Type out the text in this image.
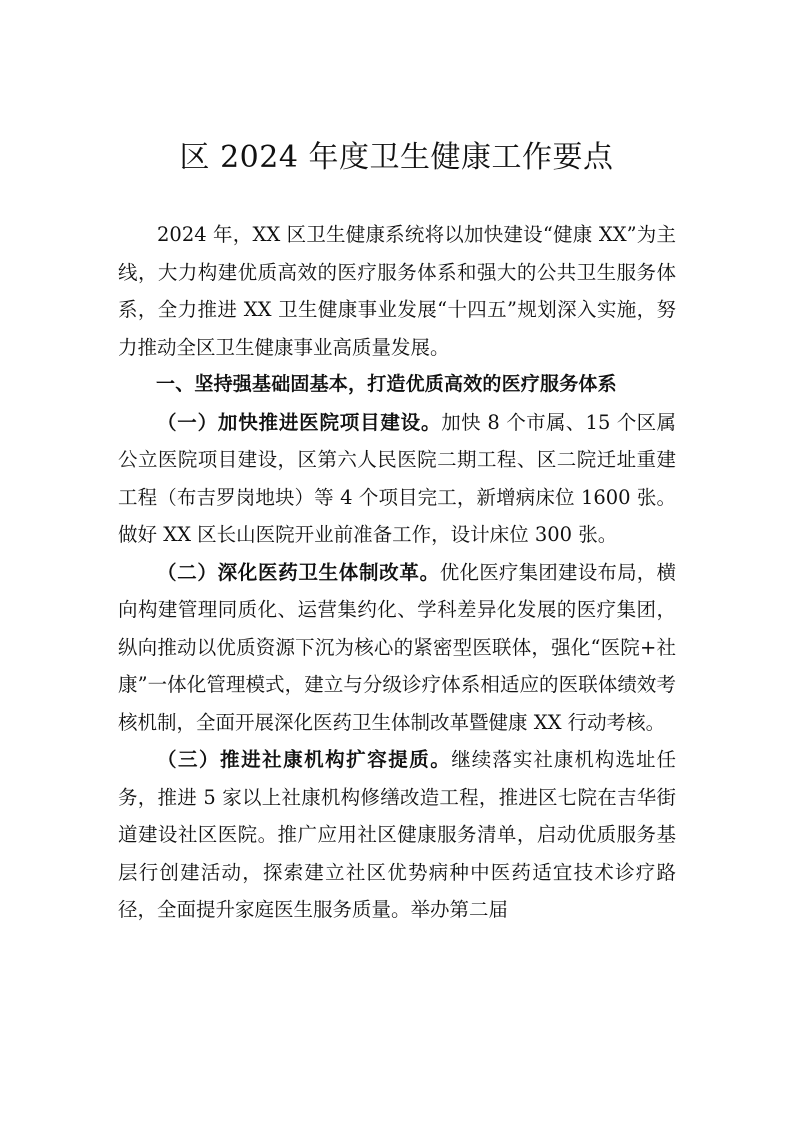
区 2024 年度卫生健康工作要点

2024 年，XX 区卫生健康系统将以加快建设“健康 XX”为主线，大力构建优质高效的医疗服务体系和强大的公共卫生服务体系，全力推进 XX 卫生健康事业发展“十四五”规划深入实施，努力推动全区卫生健康事业高质量发展。

一、坚持强基础固基本，打造优质高效的医疗服务体系

（一）加快推进医院项目建设。加快 8 个市属、15 个区属公立医院项目建设，区第六人民医院二期工程、区二院迁址重建工程（布吉罗岗地块）等 4 个项目完工，新增病床位 1600 张。做好 XX 区长山医院开业前准备工作，设计床位 300 张。

（二）深化医药卫生体制改革。优化医疗集团建设布局，横向构建管理同质化、运营集约化、学科差异化发展的医疗集团，纵向推动以优质资源下沉为核心的紧密型医联体，强化“医院+社康”一体化管理模式，建立与分级诊疗体系相适应的医联体绩效考核机制，全面开展深化医药卫生体制改革暨健康 XX 行动考核。

（三）推进社康机构扩容提质。继续落实社康机构选址任务，推进 5 家以上社康机构修缮改造工程，推进区七院在吉华街道建设社区医院。推广应用社区健康服务清单，启动优质服务基层行创建活动，探索建立社区优势病种中医药适宜技术诊疗路径，全面提升家庭医生服务质量。举办第二届
